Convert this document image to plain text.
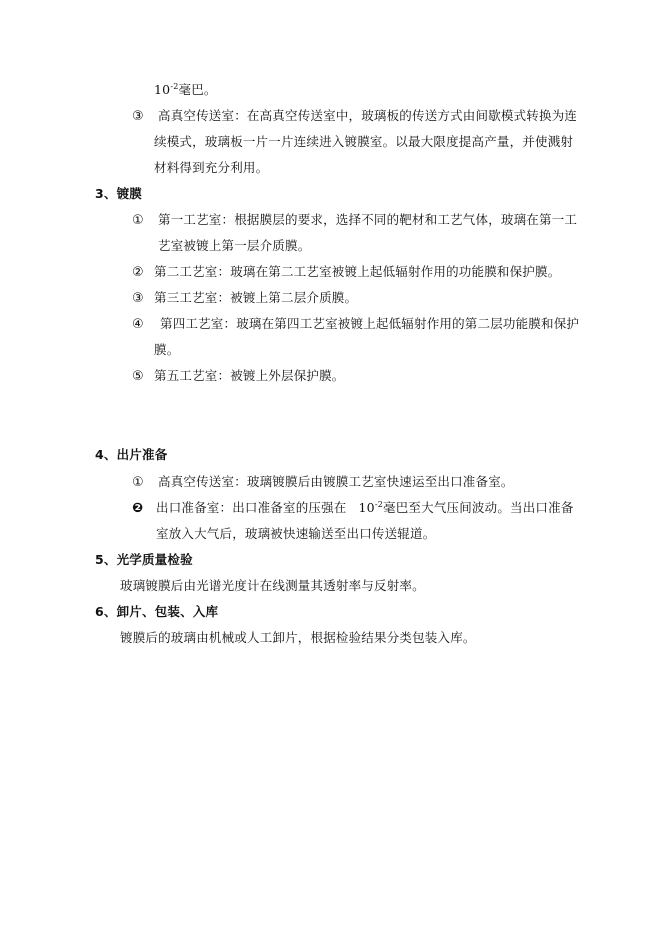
$10^{-2}$毫巴。
③ 高真空传送室：在高真空传送室中，玻璃板的传送方式由间歇模式转换为连
续模式，玻璃板一片一片连续进入镀膜室。以最大限度提高产量，并使溅射
材料得到充分利用。
3、镀膜
① 第一工艺室：根据膜层的要求，选择不同的靶材和工艺气体，玻璃在第一工
艺室被镀上第一层介质膜。
② 第二工艺室：玻璃在第二工艺室被镀上起低辐射作用的功能膜和保护膜。
③ 第三工艺室：被镀上第二层介质膜。
④ 第四工艺室：玻璃在第四工艺室被镀上起低辐射作用的第二层功能膜和保护
膜。
⑤ 第五工艺室：被镀上外层保护膜。
4、出片准备
① 高真空传送室：玻璃镀膜后由镀膜工艺室快速运至出口准备室。
❷ 出口准备室：出口准备室的压强在 $10^{-2}$毫巴至大气压间波动。当出口准备
室放入大气后，玻璃被快速输送至出口传送辊道。
5、光学质量检验
玻璃镀膜后由光谱光度计在线测量其透射率与反射率。
6、卸片、包装、入库
镀膜后的玻璃由机械或人工卸片，根据检验结果分类包装入库。
